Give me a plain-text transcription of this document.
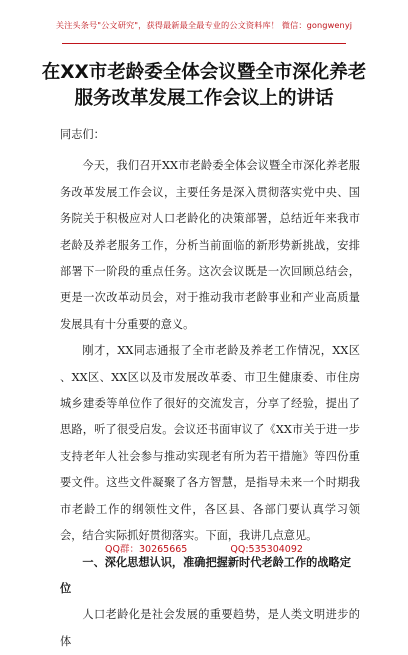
关注头条号"公文研究"，获得最新最全最专业的公文资料库！ 微信：gongwenyj
在XX市老龄委全体会议暨全市深化养老
服务改革发展工作会议上的讲话
同志们：

今天，我们召开XX市老龄委全体会议暨全市深化养老服务改革发展工作会议，主要任务是深入贯彻落实党中央、国务院关于积极应对人口老龄化的决策部署，总结近年来我市老龄及养老服务工作，分析当前面临的新形势新挑战，安排部署下一阶段的重点任务。这次会议既是一次回顾总结会，更是一次改革动员会，对于推动我市老龄事业和产业高质量发展具有十分重要的意义。

刚才，XX同志通报了全市老龄及养老工作情况，XX区 、XX区、XX区以及市发展改革委、市卫生健康委、市住房城乡建委等单位作了很好的交流发言，分享了经验，提出了思路，听了很受启发。会议还书面审议了《XX市关于进一步支持老年人社会参与推动实现老有所为若干措施》等四份重要文件。这些文件凝聚了各方智慧，是指导未来一个时期我市老龄工作的纲领性文件，各区县、各部门要认真学习领会，结合实际抓好贯彻落实。下面，我讲几点意见。

一、深化思想认识，准确把握新时代老龄工作的战略定位

人口老龄化是社会发展的重要趋势，是人类文明进步的体

QQ群：30265665	QQ:535304092
